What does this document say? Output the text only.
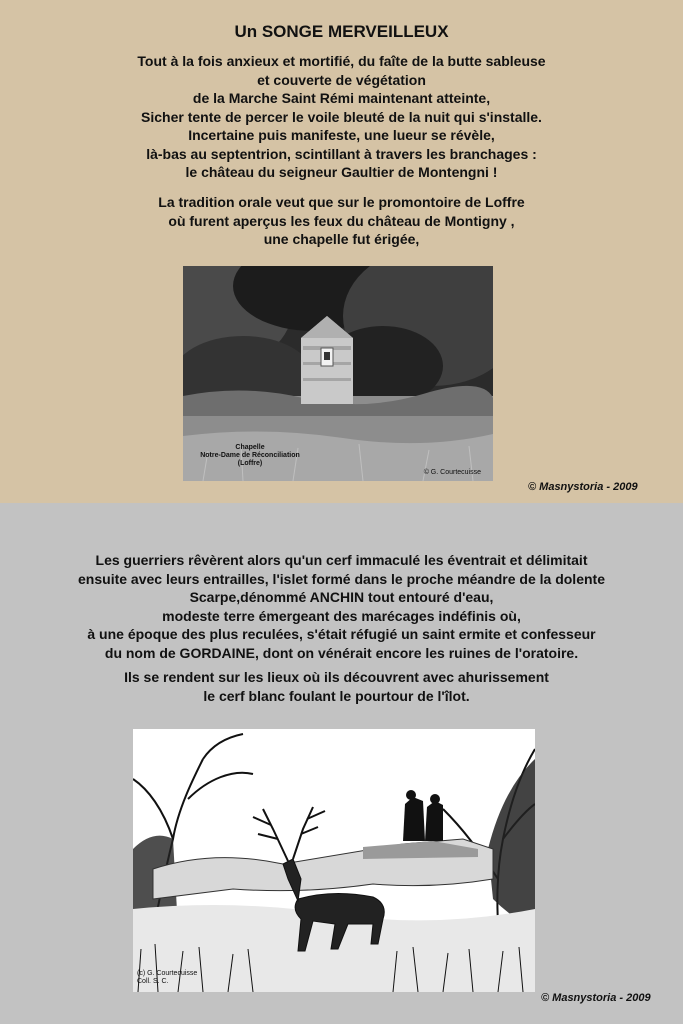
Un SONGE MERVEILLEUX
Tout à la fois anxieux et mortifié, du faîte de la butte sableuse
et couverte de végétation
de la Marche Saint Rémi maintenant atteinte,
Sicher tente de percer le voile bleuté de la nuit qui s'installe.
Incertaine puis manifeste, une lueur se révèle,
là-bas au septentrion, scintillant à travers les branchages :
le château du seigneur Gaultier de Montengni !
La tradition orale veut que sur le promontoire de Loffre
où furent aperçus les feux du château de Montigny ,
une chapelle fut érigée,
Chapelle
Notre-Dame de Réconciliation
(Loffre)
© G. Courtecuisse
© Masnystoria - 2009
Les guerriers rêvèrent alors qu'un cerf immaculé les éventrait et délimitait
ensuite avec leurs entrailles, l'islet formé dans le proche méandre de la dolente
Scarpe,dénommé ANCHIN tout entouré d'eau,
modeste terre émergeant des marécages indéfinis où,
à une époque des plus reculées, s'était réfugié un saint ermite et confesseur
du nom de GORDAINE, dont on vénérait encore les ruines de l'oratoire.
Ils se rendent sur les lieux où ils découvrent avec ahurissement
le cerf blanc foulant le pourtour de l'îlot.
(c) G. Courtecuisse
Coll. S. C.
© Masnystoria - 2009
